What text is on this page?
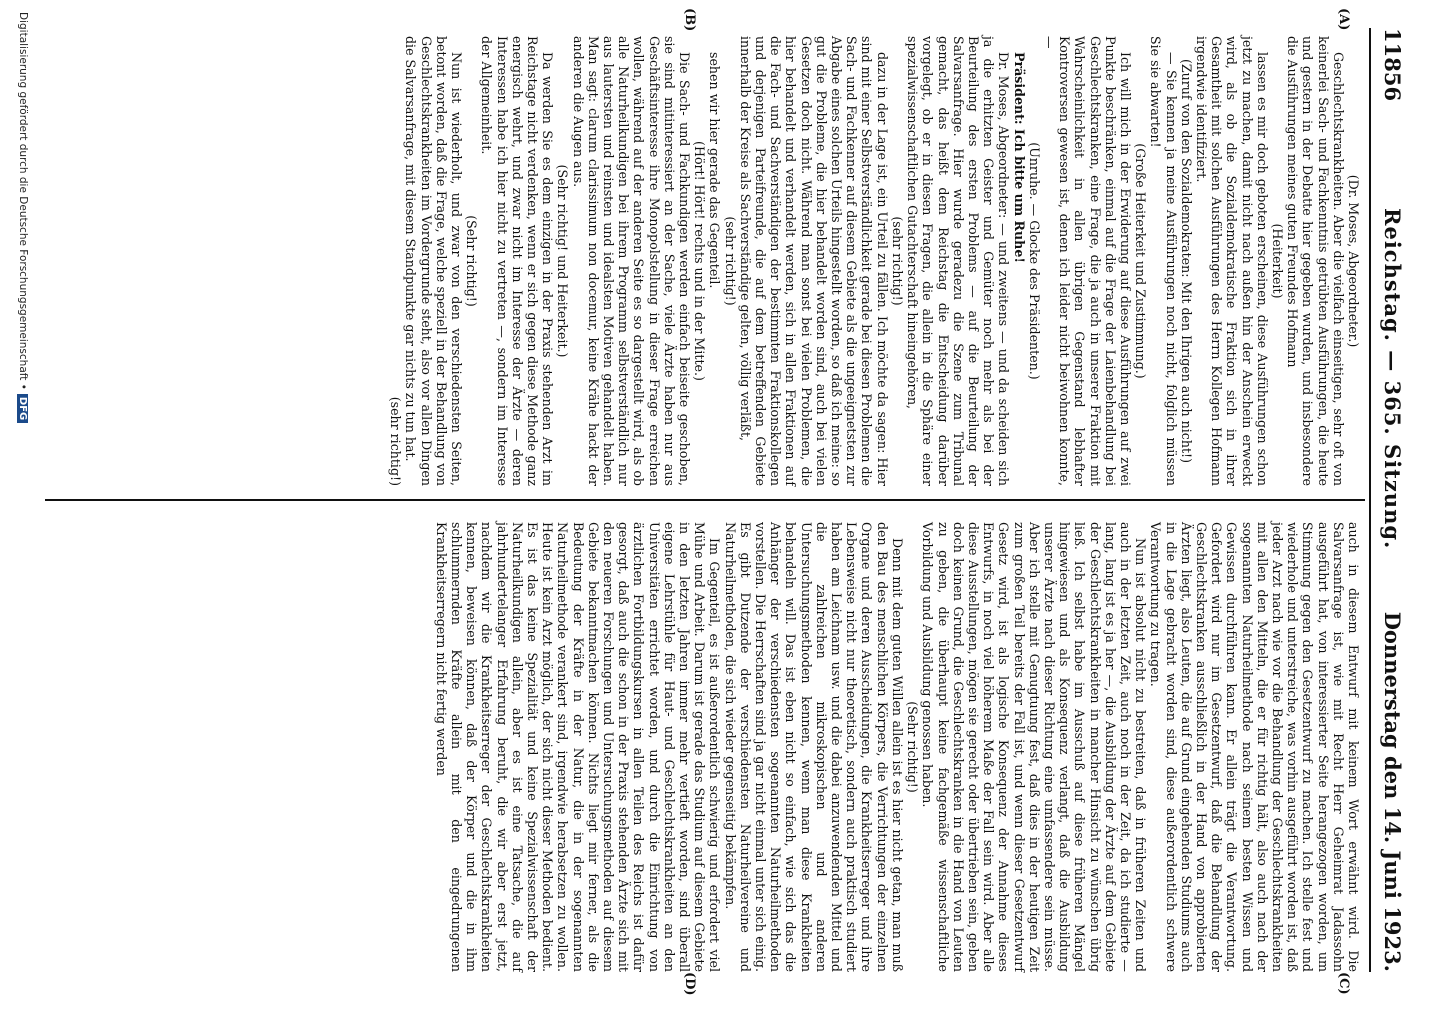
11856
Reichstag. — 365. Sitzung.
Donnerstag den 14. Juni 1923.
(A)
(B)
(C)
(D)

(Dr. Moses, Abgeordneter.)

Geschlechtskrankheiten. Aber die vielfach einseitigen, sehr oft von keinerlei Sach- und Fachkenntnis getrübten Ausführungen, die heute und gestern in der Debatte hier gegeben wurden, und insbesondere die Ausführungen meines guten Freundes Hofmann

(Heiterkeit)

lassen es mir doch geboten erscheinen, diese Ausführungen schon jetzt zu machen, damit nicht nach außen hin der Anschein erweckt wird, als ob die Sozialdemokratische Fraktion sich in ihrer Gesamtheit mit solchen Ausführungen des Herrn Kollegen Hofmann irgendwie identifiziert.

(Zuruf von den Sozialdemokraten: Mit den Ihrigen auch nicht!)

— Sie kennen ja meine Ausführungen noch nicht, folglich müssen Sie sie abwarten!

(Große Heiterkeit und Zustimmung.)

Ich will mich in der Erwiderung auf diese Ausführungen auf zwei Punkte beschränken, einmal auf die Frage der Laienbehandlung bei Geschlechtskranken, eine Frage, die ja auch in unserer Fraktion mit Wahrscheinlichkeit in allen übrigen Gegenstand lebhafter Kontroversen gewesen ist, denen ich leider nicht beiwohnen konnte, —

(Unruhe. — Glocke des Präsidenten.)

Präsident: Ich bitte um Ruhe!

Dr. Moses, Abgeordneter: — und zweitens — und da scheiden sich ja die erhitzten Geister und Gemüter noch mehr als bei der Beurteilung des ersten Problems — auf die Beurteilung der Salvarsanfrage. Hier wurde geradezu die Szene zum Tribunal gemacht, das heißt dem Reichstag die Entscheidung darüber vorgelegt, ob er in diesen Fragen, die allein in die Sphäre einer spezialwissenschaftlichen Gutachterschaft hineingehören,

(sehr richtig!)

dazu in der Lage ist, ein Urteil zu fällen. Ich möchte da sagen: Hier sind mit einer Selbstverständlichkeit gerade bei diesen Problemen die Sach- und Fachkenner auf diesem Gebiete als die ungeeignetsten zur Abgabe eines solchen Urteils hingestellt worden, so daß ich meine: so gut die Probleme, die hier behandelt worden sind, auch bei vielen Gesetzen doch nicht. Während man sonst bei vielen Problemen, die hier behandelt und verhandelt werden, sich in allen Fraktionen auf die Fach- und Sachverständigen der bestimmten Fraktionskollegen und derjenigen Parteifreunde, die auf dem betreffenden Gebiete innerhalb der Kreise als Sachverständige gelten, völlig verläßt,

(sehr richtig!)

sehen wir hier gerade das Gegenteil.

(Hört! Hört! rechts und in der Mitte.)

Die Sach- und Fachkundigen werden einfach beiseite geschoben, sie sind mitinteressiert an der Sache, viele Ärzte haben nur aus Geschäftsinteresse ihre Monopolstellung in dieser Frage erreichen wollen, während auf der anderen Seite es so dargestellt wird, als ob alle Naturheilkundigen bei ihrem Programm selbstverständlich nur aus lautersten und reinsten und idealsten Motiven gehandelt haben. Man sagt: clarum clarissimum non docemur, keine Krähe hackt der anderen die Augen aus.

(Sehr richtig! und Heiterkeit.)

Da werden Sie es dem einzigen in der Praxis stehenden Arzt im Reichstage nicht verdenken, wenn er sich gegen diese Methode ganz energisch wehrt, und zwar nicht im Interesse der Ärzte — deren Interessen habe ich hier nicht zu vertreten —, sondern im Interesse der Allgemeinheit.

(Sehr richtig!)

Nun ist wiederholt, und zwar von den verschiedensten Seiten, betont worden, daß die Frage, welche speziell in der Behandlung von Geschlechtskrankheiten im Vordergrunde steht, also vor allen Dingen die Salvarsanfrage, mit diesem Standpunkte gar nichts zu tun hat.

(sehr richtig!)

auch in diesem Entwurf mit keinem Wort erwähnt wird. Die Salvarsanfrage ist, wie mit Recht Herr Geheimrat Jadassohn ausgeführt hat, von interessierter Seite herangezogen worden, um Stimmung gegen den Gesetzentwurf zu machen. Ich stelle fest und wiederhole und unterstreiche, was vorhin ausgeführt worden ist, daß jeder Arzt nach wie vor die Behandlung der Geschlechtskrankheiten mit allen den Mitteln, die er für richtig hält, also auch nach der sogenannten Naturheilmethode nach seinem besten Wissen und Gewissen durchführen kann. Er allein trägt die Verantwortung. Gefordert wird nur im Gesetzentwurf, daß die Behandlung der Geschlechtskranken ausschließlich in der Hand von approbierten Ärzten liegt, also Leuten, die auf Grund eingehenden Studiums auch in die Lage gebracht worden sind, diese außerordentlich schwere Verantwortung zu tragen.

Nun ist absolut nicht zu bestreiten, daß in früheren Zeiten und auch in der letzten Zeit, auch noch in der Zeit, da ich studierte — lang, lang ist es ja her —, die Ausbildung der Ärzte auf dem Gebiete der Geschlechtskrankheiten in mancher Hinsicht zu wünschen übrig ließ. Ich selbst habe im Ausschuß auf diese früheren Mängel hingewiesen und als Konsequenz verlangt, daß die Ausbildung unserer Ärzte nach dieser Richtung eine umfassendere sein müsse. Aber ich stelle mit Genugtuung fest, daß dies in der heutigen Zeit zum großen Teil bereits der Fall ist, und wenn dieser Gesetzentwurf Gesetz wird, ist als logische Konsequenz der Annahme dieses Entwurfs, in noch viel höherem Maße der Fall sein wird. Aber alle diese Ausstellungen, mögen sie gerecht oder übertrieben sein, geben doch keinen Grund, die Geschlechtskranken in die Hand von Leuten zu geben, die überhaupt keine fachgemäße wissenschaftliche Vorbildung und Ausbildung genossen haben.

(Sehr richtig!)

Denn mit dem guten Willen allein ist es hier nicht getan, man muß den Bau des menschlichen Körpers, die Verrichtungen der einzelnen Organe und deren Ausscheidungen, die Krankheitserreger und ihre Lebensweise nicht nur theoretisch, sondern auch praktisch studiert haben am Leichnam usw. und die dabei anzuwendenden Mittel und die zahlreichen mikroskopischen und anderen Untersuchungsmethoden kennen, wenn man diese Krankheiten behandeln will. Das ist eben nicht so einfach, wie sich das die Anhänger der verschiedensten sogenannten Naturheilmethoden vorstellen. Die Herrschaften sind ja gar nicht einmal unter sich einig. Es gibt Dutzende der verschiedensten Naturheilvereine und Naturheilmethoden, die sich wieder gegenseitig bekämpfen.

Im Gegenteil, es ist außerordentlich schwierig und erfordert viel Mühe und Arbeit. Darum ist gerade das Studium auf diesem Gebiete in den letzten Jahren immer mehr vertieft worden, sind überall eigene Lehrstühle für Haut- und Geschlechtskrankheiten an den Universitäten errichtet worden, und durch die Einrichtung von ärztlichen Fortbildungskursen in allen Teilen des Reichs ist dafür gesorgt, daß auch die schon in der Praxis stehenden Ärzte sich mit den neueren Forschungen und Untersuchungsmethoden auf diesem Gebiete bekanntmachen können. Nichts liegt mir ferner, als die Bedeutung der Kräfte in der Natur, die in der sogenannten Naturheilmethode verankert sind, irgendwie herabsetzen zu wollen. Heute ist kein Arzt möglich, der sich nicht dieser Methoden bedient. Es ist das keine Spezialität und keine Spezialwissenschaft der Naturheilkundigen allein, aber es ist eine Tatsache, die auf jahrhundertelanger Erfahrung beruht, die wir aber erst jetzt, nachdem wir die Krankheitserreger der Geschlechtskrankheiten kennen, beweisen können, daß der Körper und die in ihm schlummernden Kräfte allein mit den eingedrungenen Krankheitserregern nicht fertig werden

Digitalisierung gefördert durch die Deutsche Forschungsgemeinschaft •DFG
